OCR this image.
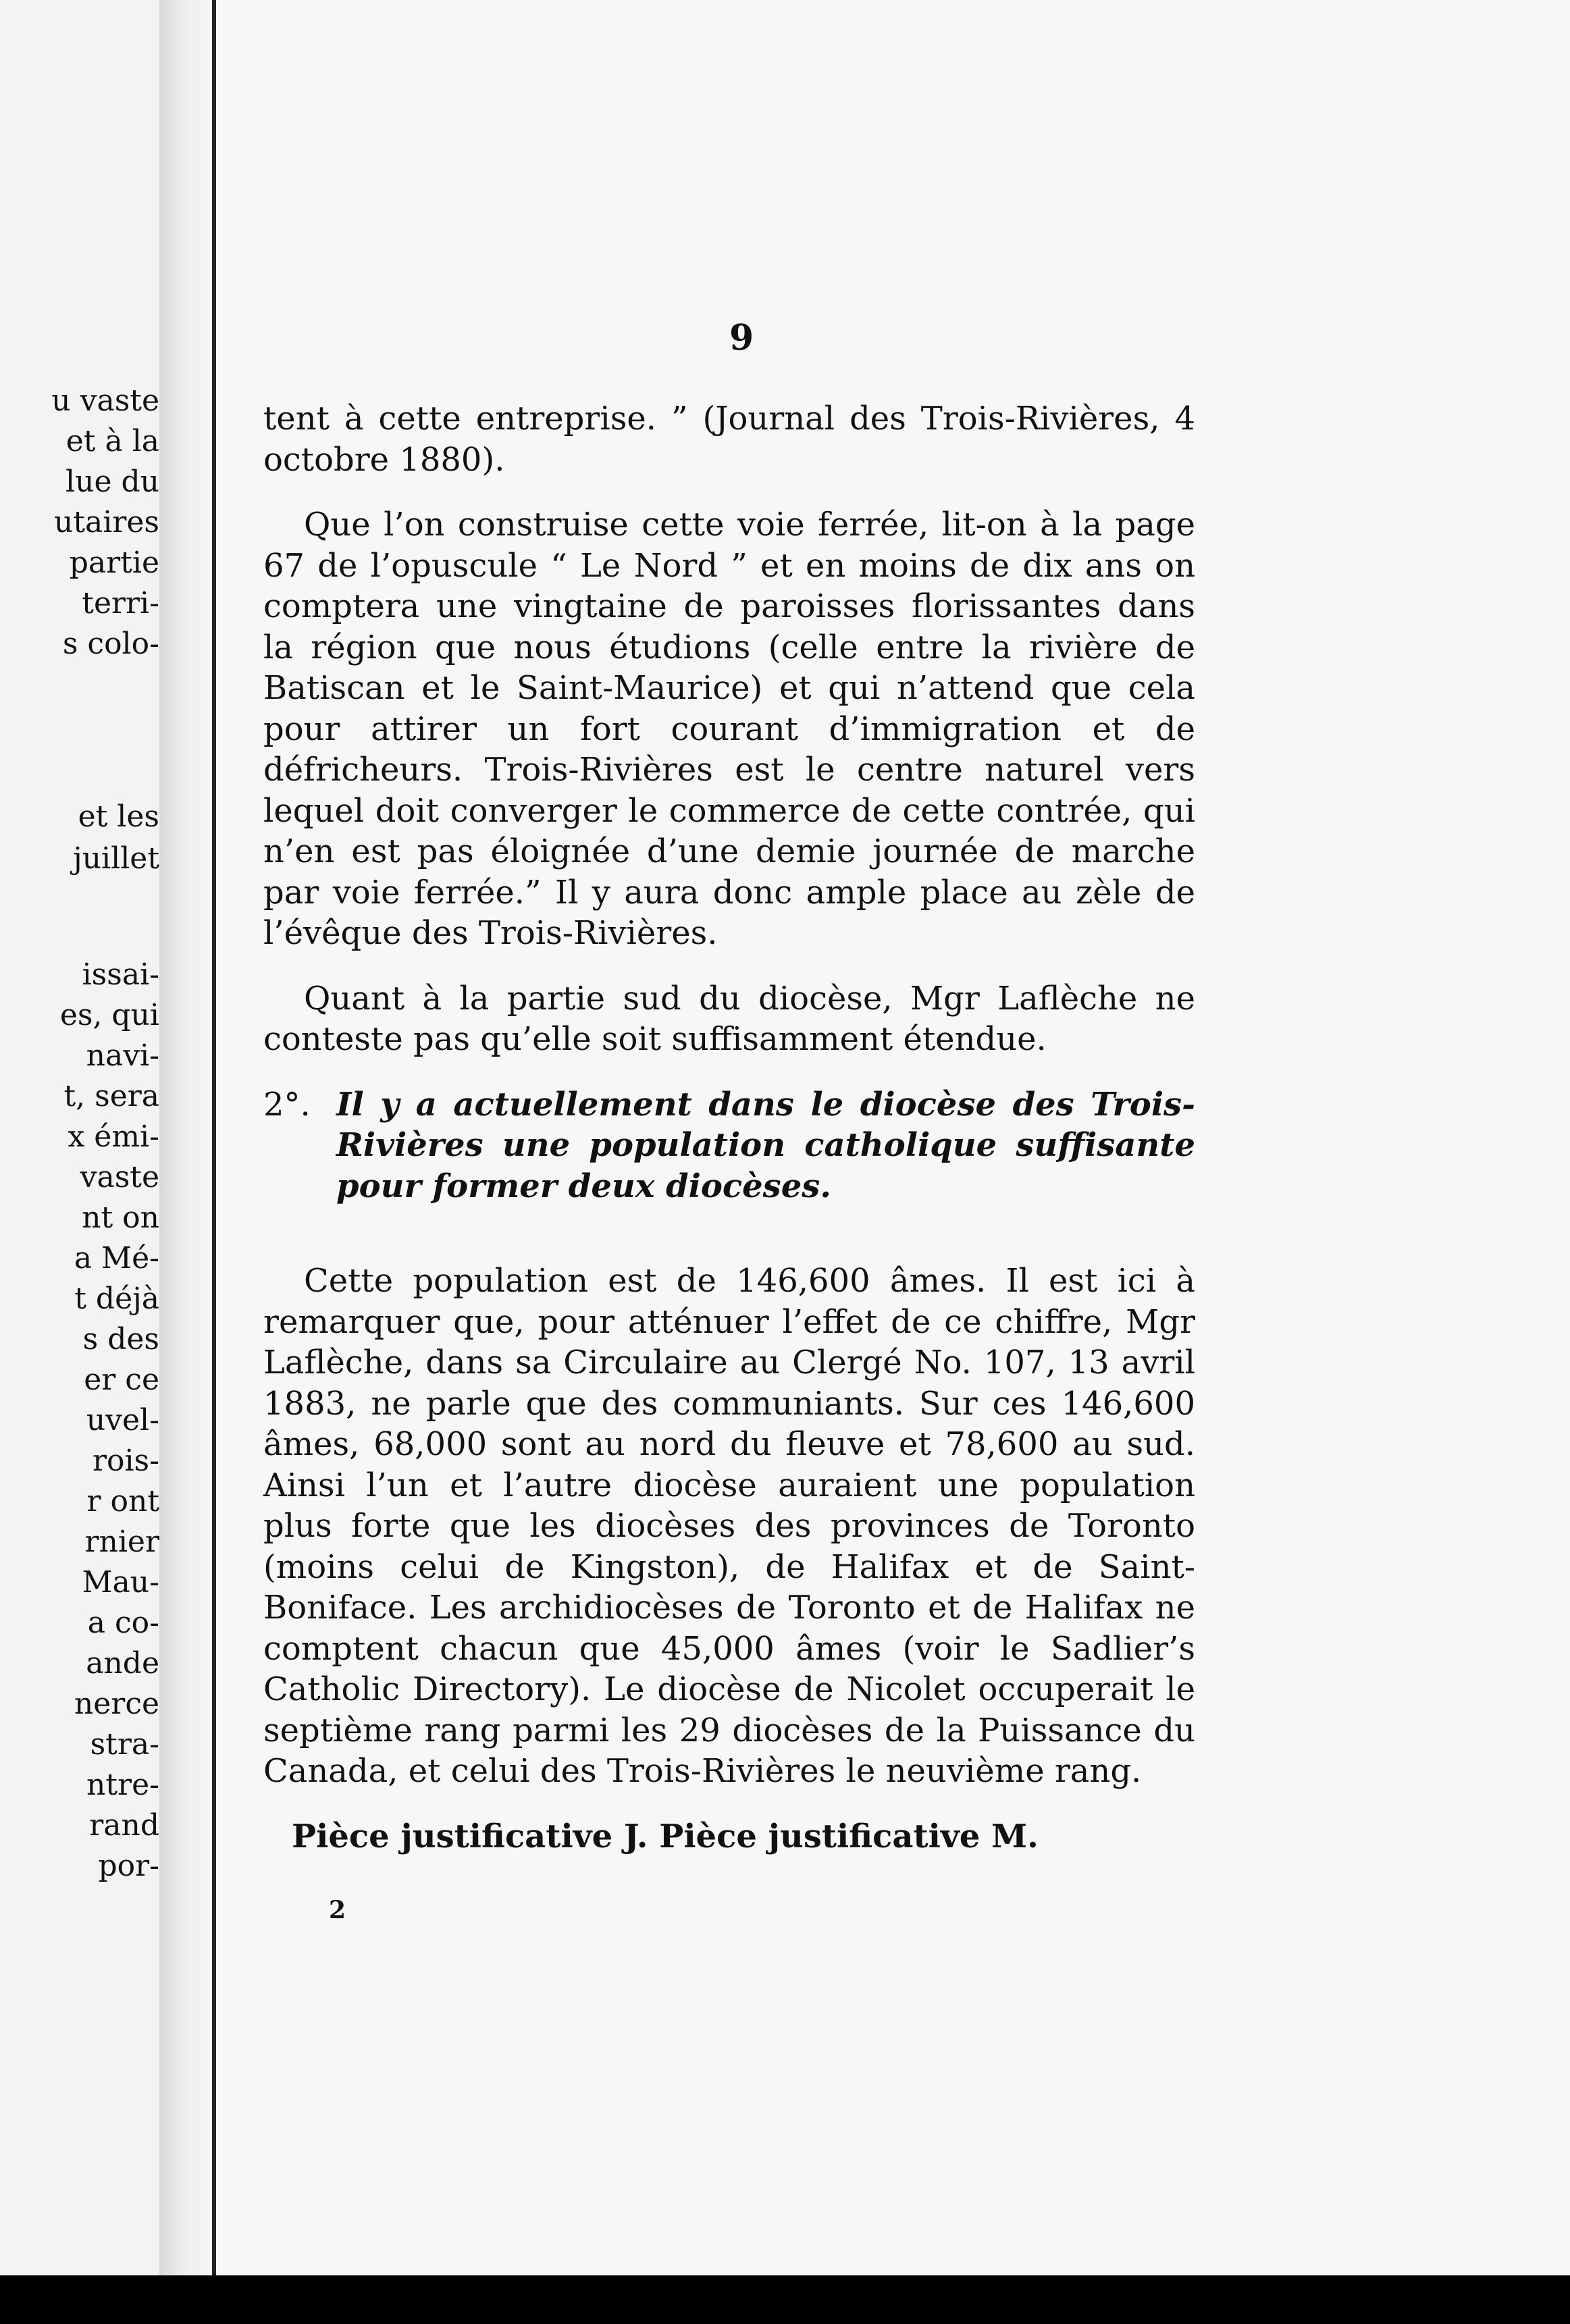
u vaste
et à la
lue du
utaires
partie
terri-
s colo-
et les
juillet
issai-
es, qui
navi-
t, sera
x émi-
vaste
nt on
a Mé-
t déjà
s des
er ce
uvel-
rois-
r ont
rnier
Mau-
a co-
ande
nerce
stra-
ntre-
rand
por-
9

tent à cette entreprise. ” (Journal des Trois-Rivières, 4 octobre 1880).

Que l’on construise cette voie ferrée, lit-on à la page 67 de l’opuscule “ Le Nord ” et en moins de dix ans on comptera une vingtaine de paroisses florissantes dans la région que nous étudions (celle entre la rivière de Batiscan et le Saint-Maurice) et qui n’attend que cela pour attirer un fort courant d’immigration et de défricheurs. Trois-Rivières est le centre naturel vers lequel doit converger le commerce de cette contrée, qui n’en est pas éloignée d’une demie journée de marche par voie ferrée.” Il y aura donc ample place au zèle de l’évêque des Trois-Rivières.

Quant à la partie sud du diocèse, Mgr Laflèche ne conteste pas qu’elle soit suffisamment étendue.

2°. Il y a actuellement dans le diocèse des Trois-Rivières une population catholique suffisante pour former deux diocèses.

Cette population est de 146,600 âmes. Il est ici à remarquer que, pour atténuer l’effet de ce chiffre, Mgr Laflèche, dans sa Circulaire au Clergé No. 107, 13 avril 1883, ne parle que des communiants. Sur ces 146,600 âmes, 68,000 sont au nord du fleuve et 78,600 au sud. Ainsi l’un et l’autre diocèse auraient une population plus forte que les diocèses des provinces de Toronto (moins celui de Kingston), de Halifax et de Saint-Boniface. Les archidiocèses de Toronto et de Halifax ne comptent chacun que 45,000 âmes (voir le Sadlier’s Catholic Directory). Le diocèse de Nicolet occuperait le septième rang parmi les 29 diocèses de la Puissance du Canada, et celui des Trois-Rivières le neuvième rang.

Pièce justificative J. Pièce justificative M.

2
